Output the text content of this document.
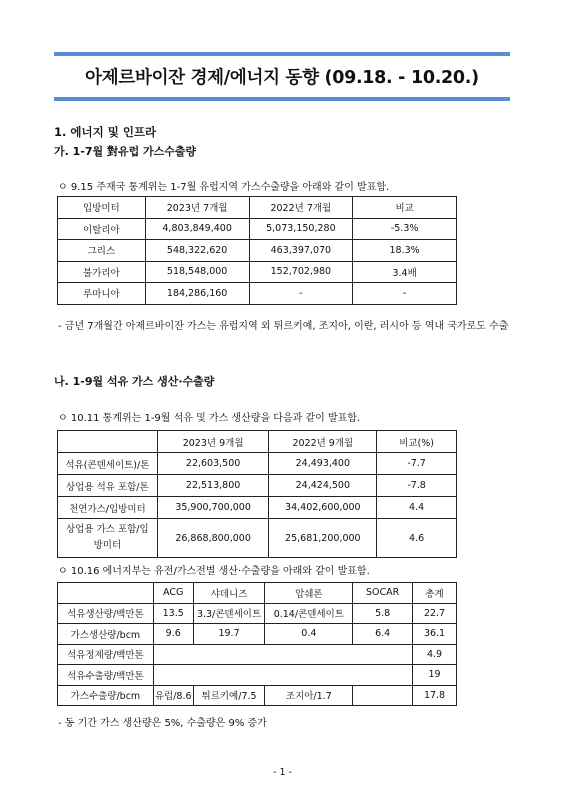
아제르바이잔 경제/에너지 동향 (09.18. - 10.20.)
1. 에너지 및 인프라
가. 1-7월 對유럽 가스수출량
ㅇ 9.15 주재국 통계위는 1-7월 유럽지역 가스수출량을 아래와 같이 발표함.
입방미터	2023년 7개월	2022년 7개월	비교
이탈리아	4,803,849,400	5,073,150,280	-5.3%
그리스	548,322,620	463,397,070	18.3%
불가리아	518,548,000	152,702,980	3.4배
루마니아	184,286,160	-	-
- 금년 7개월간 아제르바이잔 가스는 유럽지역 외 튀르키예, 조지아, 이란, 러시아 등 역내 국가로도 수출
나. 1-9월 석유 가스 생산·수출량
ㅇ 10.11 통계위는 1-9월 석유 및 가스 생산량을 다음과 같이 발표함.
	2023년 9개월	2022년 9개월	비교(%)
석유(콘덴세이트)/톤	22,603,500	24,493,400	-7.7
상업용 석유 포함/톤	22,513,800	24,424,500	-7.8
천연가스/입방미터	35,900,700,000	34,402,600,000	4.4
상업용 가스 포함/입방미터	26,868,800,000	25,681,200,000	4.6
ㅇ 10.16 에너지부는 유전/가스전별 생산·수출량을 아래와 같이 발표함.
	ACG	샤데니즈	압쉐론	SOCAR	총계
석유생산량/백만톤	13.5	3.3/콘덴세이트	0.14/콘덴세이트	5.8	22.7
가스생산량/bcm	9.6	19.7	0.4	6.4	36.1
석유정제량/백만톤					4.9
석유수출량/백만톤					19
가스수출량/bcm	유럽/8.6	튀르키예/7.5	조지아/1.7		17.8
- 동 기간 가스 생산량은 5%, 수출량은 9% 증가
- 1 -
